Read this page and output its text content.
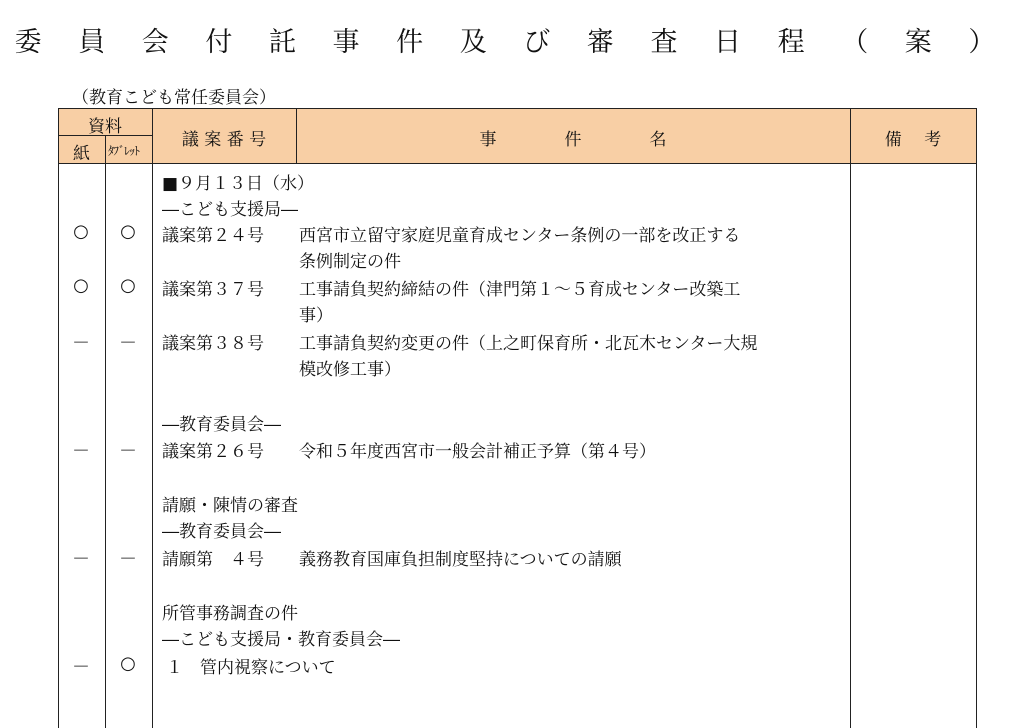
委 員 会 付 託 事 件 及 び 審 査 日 程 （ 案 ）
（教育こども常任委員会）
資料
紙	ﾀﾌﾞﾚｯﾄ
議 案 番 号	事　　　　件　　　　名	備　 考
■９月１３日（水）
―こども支援局―
○	○	議案第２４号 西宮市立留守家庭児童育成センター条例の一部を改正する
条例制定の件
○	○	議案第３７号 工事請負契約締結の件（津門第１～５育成センター改築工
事）
－	－	議案第３８号 工事請負契約変更の件（上之町保育所・北瓦木センター大規
模改修工事）
―教育委員会―
－	－	議案第２６号 令和５年度西宮市一般会計補正予算（第４号）
請願・陳情の審査
―教育委員会―
－	－	請願第　４号 義務教育国庫負担制度堅持についての請願
所管事務調査の件
―こども支援局・教育委員会―
－	○	１ 管内視察について
